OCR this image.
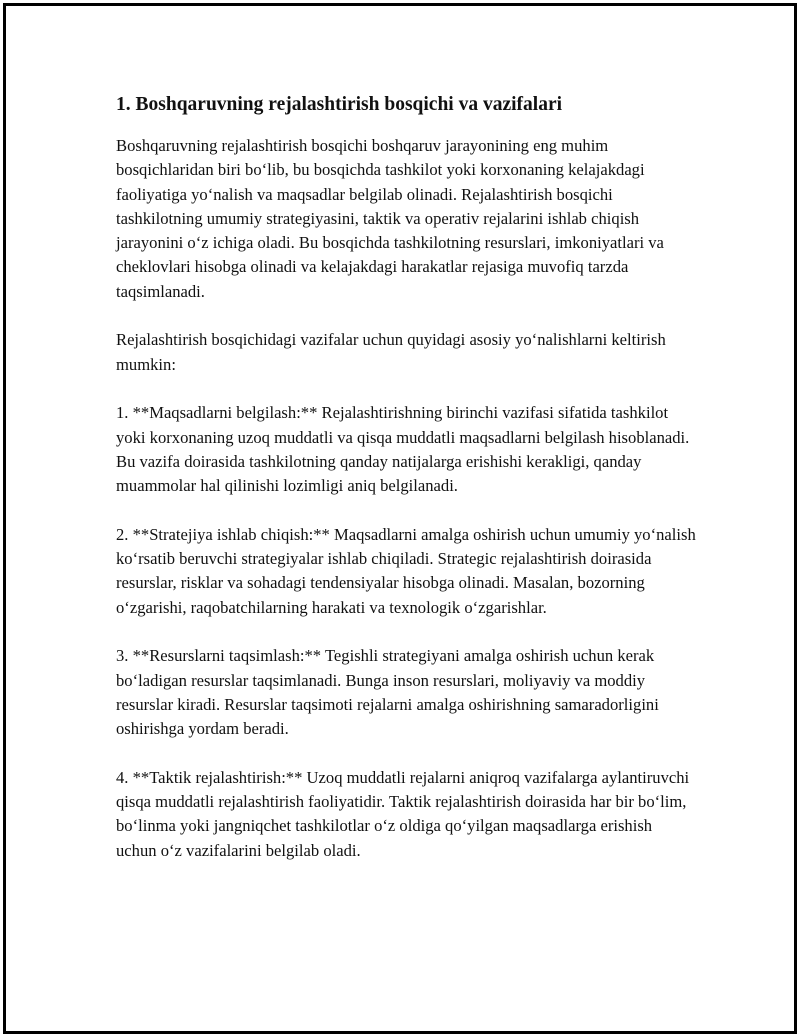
1. Boshqaruvning rejalashtirish bosqichi va vazifalari

Boshqaruvning rejalashtirish bosqichi boshqaruv jarayonining eng muhim bosqichlaridan biri bo‘lib, bu bosqichda tashkilot yoki korxonaning kelajakdagi faoliyatiga yo‘nalish va maqsadlar belgilab olinadi. Rejalashtirish bosqichi tashkilotning umumiy strategiyasini, taktik va operativ rejalarini ishlab chiqish jarayonini o‘z ichiga oladi. Bu bosqichda tashkilotning resurslari, imkoniyatlari va cheklovlari hisobga olinadi va kelajakdagi harakatlar rejasiga muvofiq tarzda taqsimlanadi.

Rejalashtirish bosqichidagi vazifalar uchun quyidagi asosiy yo‘nalishlarni keltirish mumkin:

1. **Maqsadlarni belgilash:** Rejalashtirishning birinchi vazifasi sifatida tashkilot yoki korxonaning uzoq muddatli va qisqa muddatli maqsadlarni belgilash hisoblanadi. Bu vazifa doirasida tashkilotning qanday natijalarga erishishi kerakligi, qanday muammolar hal qilinishi lozimligi aniq belgilanadi.

2. **Stratejiya ishlab chiqish:** Maqsadlarni amalga oshirish uchun umumiy yo‘nalish ko‘rsatib beruvchi strategiyalar ishlab chiqiladi. Strategic rejalashtirish doirasida resurslar, risklar va sohadagi tendensiyalar hisobga olinadi. Masalan, bozorning o‘zgarishi, raqobatchilarning harakati va texnologik o‘zgarishlar.

3. **Resurslarni taqsimlash:** Tegishli strategiyani amalga oshirish uchun kerak bo‘ladigan resurslar taqsimlanadi. Bunga inson resurslari, moliyaviy va moddiy resurslar kiradi. Resurslar taqsimoti rejalarni amalga oshirishning samaradorligini oshirishga yordam beradi.

4. **Taktik rejalashtirish:** Uzoq muddatli rejalarni aniqroq vazifalarga aylantiruvchi qisqa muddatli rejalashtirish faoliyatidir. Taktik rejalashtirish doirasida har bir bo‘lim, bo‘linma yoki jangniqchet tashkilotlar o‘z oldiga qo‘yilgan maqsadlarga erishish uchun o‘z vazifalarini belgilab oladi.
